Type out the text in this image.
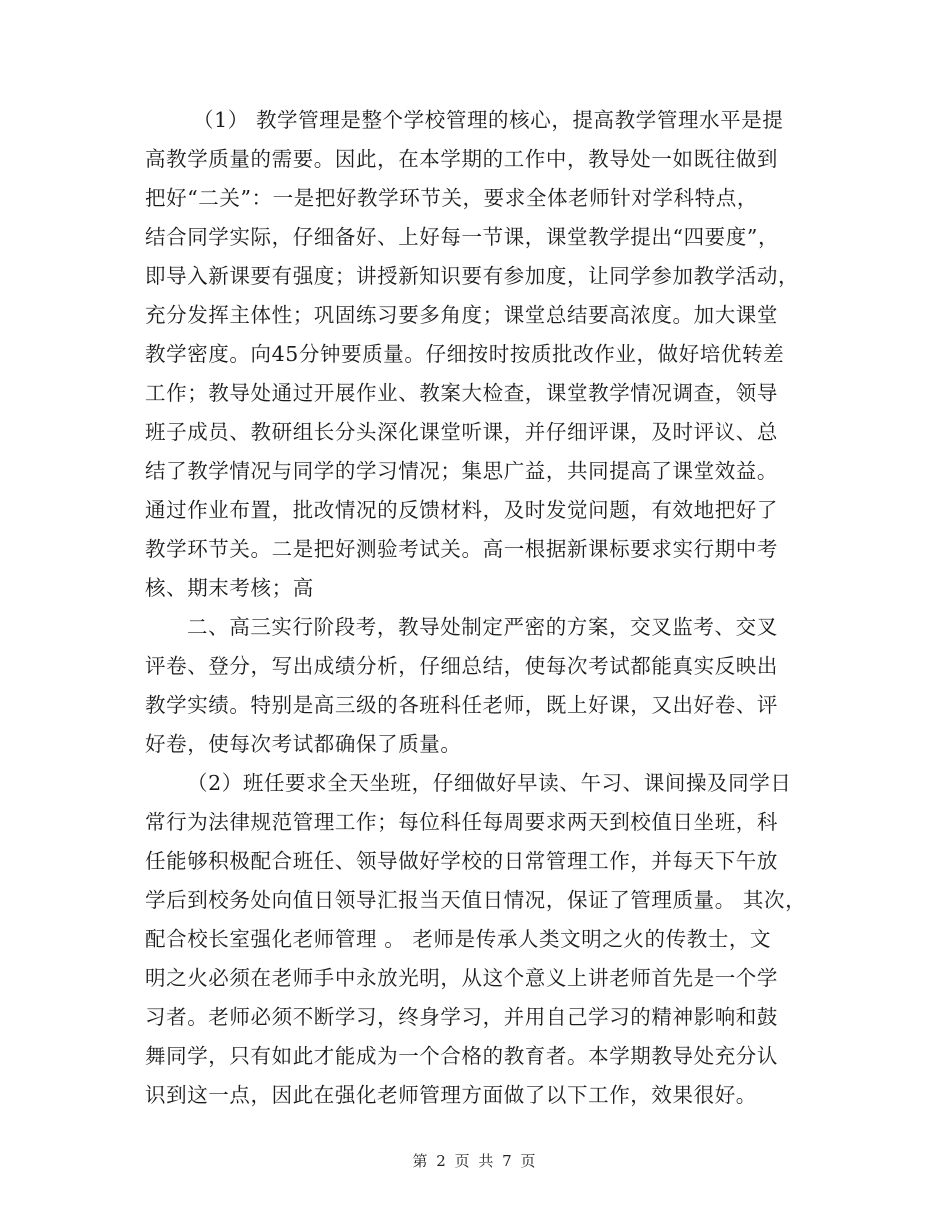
（1） 教学管理是整个学校管理的核心，提高教学管理水平是提
高教学质量的需要。因此，在本学期的工作中，教导处一如既往做到
把好“二关”：一是把好教学环节关，要求全体老师针对学科特点，
结合同学实际，仔细备好、上好每一节课，课堂教学提出“四要度”，
即导入新课要有强度；讲授新知识要有参加度，让同学参加教学活动，
充分发挥主体性；巩固练习要多角度；课堂总结要高浓度。加大课堂
教学密度。向45分钟要质量。仔细按时按质批改作业，做好培优转差
工作；教导处通过开展作业、教案大检查，课堂教学情况调查，领导
班子成员、教研组长分头深化课堂听课，并仔细评课，及时评议、总
结了教学情况与同学的学习情况；集思广益，共同提高了课堂效益。
通过作业布置，批改情况的反馈材料，及时发觉问题，有效地把好了
教学环节关。二是把好测验考试关。高一根据新课标要求实行期中考
核、期末考核；高
二、高三实行阶段考，教导处制定严密的方案，交叉监考、交叉
评卷、登分，写出成绩分析，仔细总结，使每次考试都能真实反映出
教学实绩。特别是高三级的各班科任老师，既上好课，又出好卷、评
好卷，使每次考试都确保了质量。
（2）班任要求全天坐班，仔细做好早读、午习、课间操及同学日
常行为法律规范管理工作；每位科任每周要求两天到校值日坐班，科
任能够积极配合班任、领导做好学校的日常管理工作，并每天下午放
学后到校务处向值日领导汇报当天值日情况，保证了管理质量。 其次，
配合校长室强化老师管理 。 老师是传承人类文明之火的传教士，文
明之火必须在老师手中永放光明，从这个意义上讲老师首先是一个学
习者。老师必须不断学习，终身学习，并用自己学习的精神影响和鼓
舞同学，只有如此才能成为一个合格的教育者。本学期教导处充分认
识到这一点，因此在强化老师管理方面做了以下工作，效果很好。
第 2 页 共 7 页
